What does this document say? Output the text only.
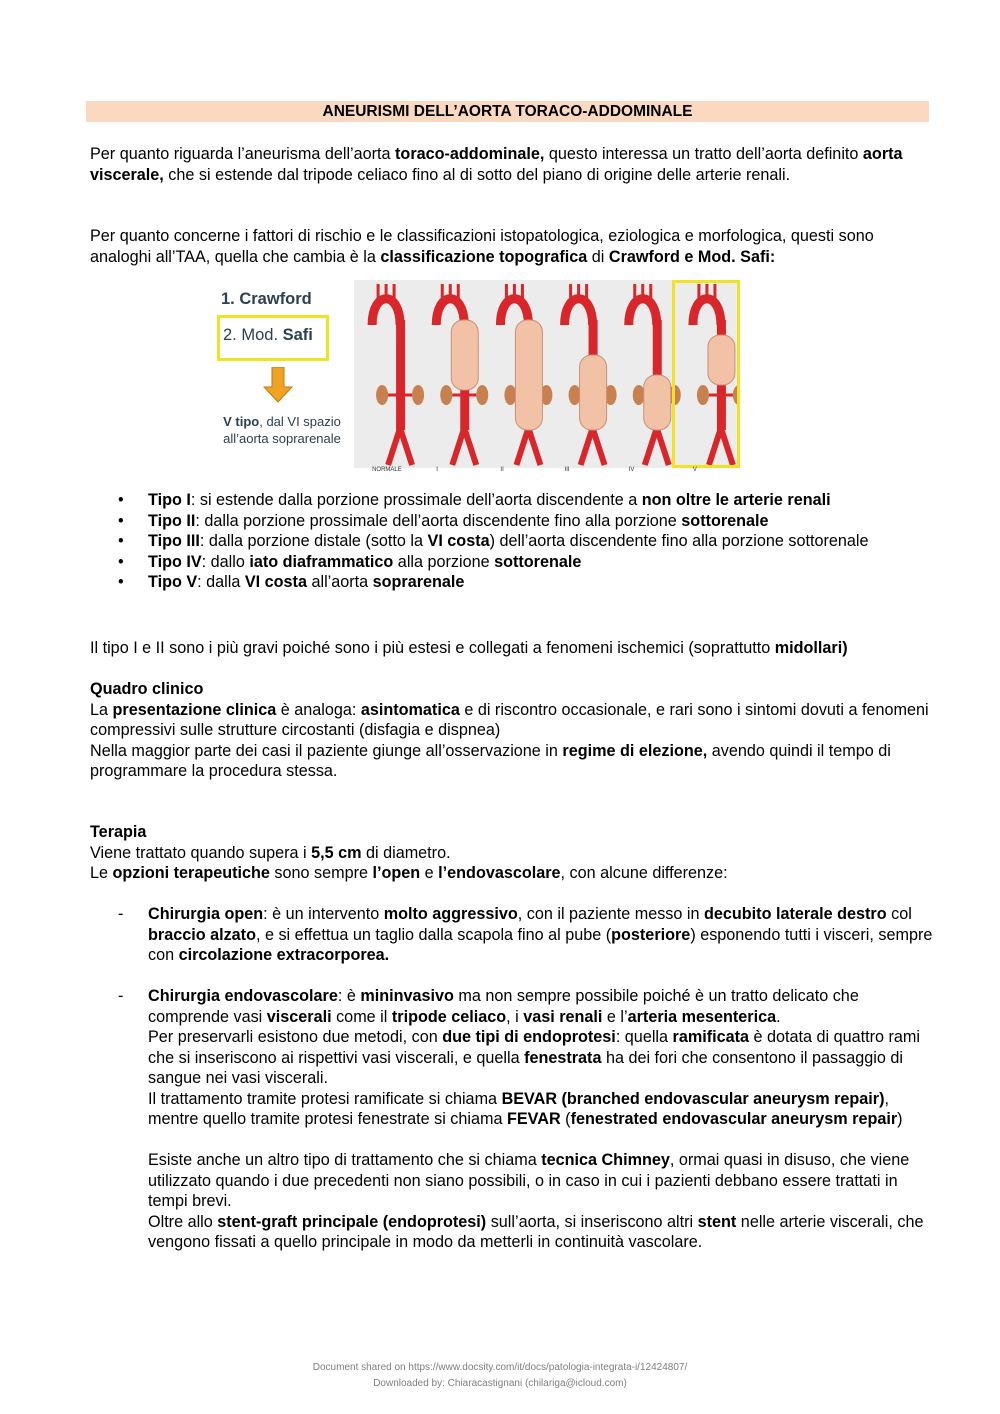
ANEURISMI DELL’AORTA TORACO-ADDOMINALE
Per quanto riguarda l’aneurisma dell’aorta toraco-addominale, questo interessa un tratto dell’aorta definito aorta viscerale, che si estende dal tripode celiaco fino al di sotto del piano di origine delle arterie renali.
Per quanto concerne i fattori di rischio e le classificazioni istopatologica, eziologica e morfologica, questi sono analoghi all’TAA, quella che cambia è la classificazione topografica di Crawford e Mod. Safi:
1. Crawford
2. Mod. Safi
V tipo, dal VI spazio all’aorta soprarenale
NORMALE	I	II	III	IV	V
• Tipo I: si estende dalla porzione prossimale dell’aorta discendente a non oltre le arterie renali
• Tipo II: dalla porzione prossimale dell’aorta discendente fino alla porzione sottorenale
• Tipo III: dalla porzione distale (sotto la VI costa) dell’aorta discendente fino alla porzione sottorenale
• Tipo IV: dallo iato diaframmatico alla porzione sottorenale
• Tipo V: dalla VI costa all’aorta soprarenale
Il tipo I e II sono i più gravi poiché sono i più estesi e collegati a fenomeni ischemici (soprattutto midollari)
Quadro clinico
La presentazione clinica è analoga: asintomatica e di riscontro occasionale, e rari sono i sintomi dovuti a fenomeni compressivi sulle strutture circostanti (disfagia e dispnea)
Nella maggior parte dei casi il paziente giunge all’osservazione in regime di elezione, avendo quindi il tempo di programmare la procedura stessa.
Terapia
Viene trattato quando supera i 5,5 cm di diametro.
Le opzioni terapeutiche sono sempre l’open e l’endovascolare, con alcune differenze:
- Chirurgia open: è un intervento molto aggressivo, con il paziente messo in decubito laterale destro col braccio alzato, e si effettua un taglio dalla scapola fino al pube (posteriore) esponendo tutti i visceri, sempre con circolazione extracorporea.
- Chirurgia endovascolare: è mininvasivo ma non sempre possibile poiché è un tratto delicato che comprende vasi viscerali come il tripode celiaco, i vasi renali e l’arteria mesenterica.
Per preservarli esistono due metodi, con due tipi di endoprotesi: quella ramificata è dotata di quattro rami che si inseriscono ai rispettivi vasi viscerali, e quella fenestrata ha dei fori che consentono il passaggio di sangue nei vasi viscerali.
Il trattamento tramite protesi ramificate si chiama BEVAR (branched endovascular aneurysm repair), mentre quello tramite protesi fenestrate si chiama FEVAR (fenestrated endovascular aneurysm repair)
Esiste anche un altro tipo di trattamento che si chiama tecnica Chimney, ormai quasi in disuso, che viene utilizzato quando i due precedenti non siano possibili, o in caso in cui i pazienti debbano essere trattati in tempi brevi.
Oltre allo stent-graft principale (endoprotesi) sull’aorta, si inseriscono altri stent nelle arterie viscerali, che vengono fissati a quello principale in modo da metterli in continuità vascolare.
Document shared on https://www.docsity.com/it/docs/patologia-integrata-i/12424807/
Downloaded by: Chiaracastignani (chilariga@icloud.com)
